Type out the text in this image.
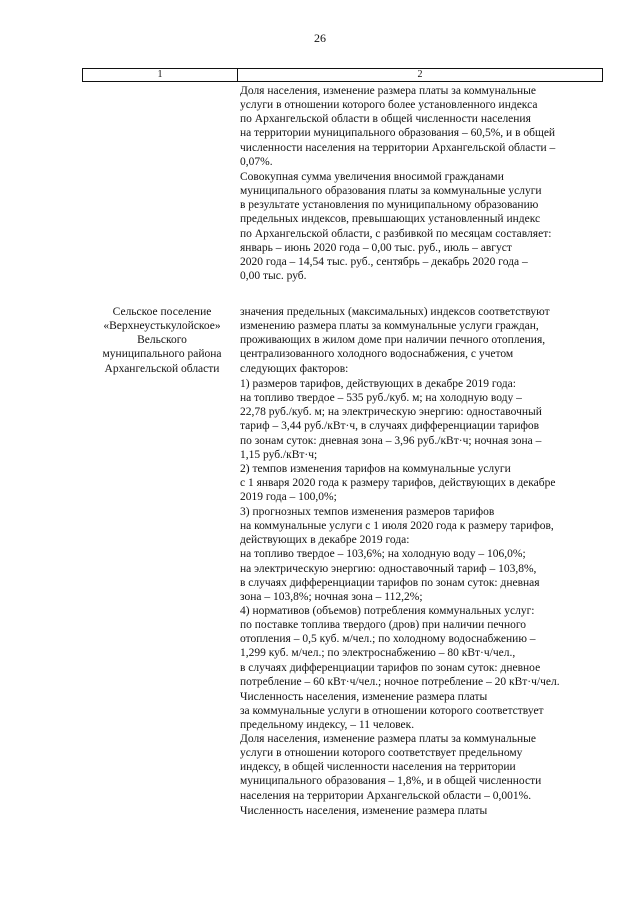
26
1	2
Доля населения, изменение размера платы за коммунальные
услуги в отношении которого более установленного индекса
по Архангельской области в общей численности населения
на территории муниципального образования – 60,5%, и в общей
численности населения на территории Архангельской области –
0,07%.
Совокупная сумма увеличения вносимой гражданами
муниципального образования платы за коммунальные услуги
в результате установления по муниципальному образованию
предельных индексов, превышающих установленный индекс
по Архангельской области, с разбивкой по месяцам составляет:
январь – июнь 2020 года – 0,00 тыс. руб., июль – август
2020 года – 14,54 тыс. руб., сентябрь – декабрь 2020 года –
0,00 тыс. руб.
Сельское поселение
«Верхнеустькулойское»
Вельского
муниципального района
Архангельской области
значения предельных (максимальных) индексов соответствуют
изменению размера платы за коммунальные услуги граждан,
проживающих в жилом доме при наличии печного отопления,
централизованного холодного водоснабжения, с учетом
следующих факторов:
1) размеров тарифов, действующих в декабре 2019 года:
на топливо твердое – 535 руб./куб. м; на холодную воду –
22,78 руб./куб. м; на электрическую энергию: одноставочный
тариф – 3,44 руб./кВт·ч, в случаях дифференциации тарифов
по зонам суток: дневная зона – 3,96 руб./кВт·ч; ночная зона –
1,15 руб./кВт·ч;
2) темпов изменения тарифов на коммунальные услуги
с 1 января 2020 года к размеру тарифов, действующих в декабре
2019 года – 100,0%;
3) прогнозных темпов изменения размеров тарифов
на коммунальные услуги с 1 июля 2020 года к размеру тарифов,
действующих в декабре 2019 года:
на топливо твердое – 103,6%; на холодную воду – 106,0%;
на электрическую энергию: одноставочный тариф – 103,8%,
в случаях дифференциации тарифов по зонам суток: дневная
зона – 103,8%; ночная зона – 112,2%;
4) нормативов (объемов) потребления коммунальных услуг:
по поставке топлива твердого (дров) при наличии печного
отопления – 0,5 куб. м/чел.; по холодному водоснабжению –
1,299 куб. м/чел.; по электроснабжению – 80 кВт·ч/чел.,
в случаях дифференциации тарифов по зонам суток: дневное
потребление – 60 кВт·ч/чел.; ночное потребление – 20 кВт·ч/чел.
Численность населения, изменение размера платы
за коммунальные услуги в отношении которого соответствует
предельному индексу, – 11 человек.
Доля населения, изменение размера платы за коммунальные
услуги в отношении которого соответствует предельному
индексу, в общей численности населения на территории
муниципального образования – 1,8%, и в общей численности
населения на территории Архангельской области – 0,001%.
Численность населения, изменение размера платы
